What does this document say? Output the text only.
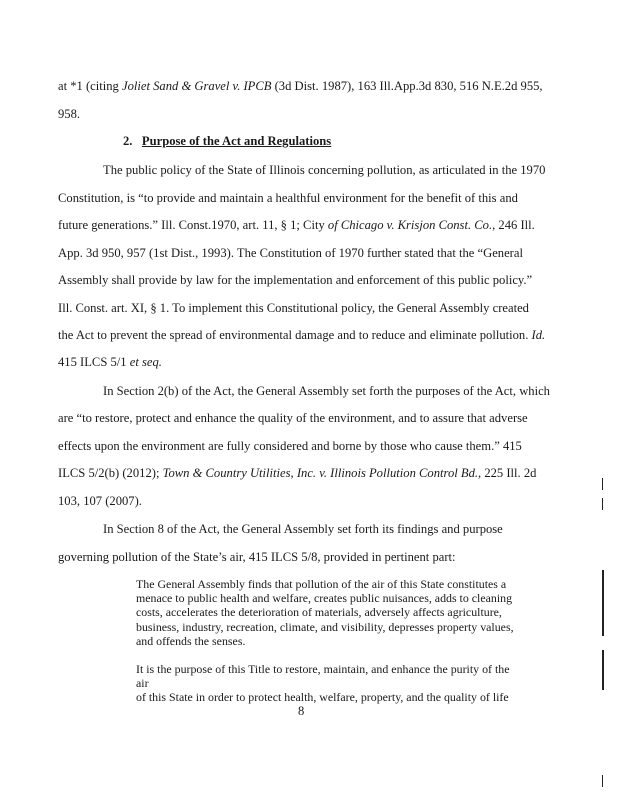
at *1 (citing Joliet Sand & Gravel v. IPCB (3d Dist. 1987), 163 Ill.App.3d 830, 516 N.E.2d 955,
958.
2. Purpose of the Act and Regulations
The public policy of the State of Illinois concerning pollution, as articulated in the 1970
Constitution, is “to provide and maintain a healthful environment for the benefit of this and
future generations.” Ill. Const.1970, art. 11, § 1; City of Chicago v. Krisjon Const. Co., 246 Ill.
App. 3d 950, 957 (1st Dist., 1993). The Constitution of 1970 further stated that the “General
Assembly shall provide by law for the implementation and enforcement of this public policy.”
Ill. Const. art. XI, § 1. To implement this Constitutional policy, the General Assembly created
the Act to prevent the spread of environmental damage and to reduce and eliminate pollution. Id.
415 ILCS 5/1 et seq.
In Section 2(b) of the Act, the General Assembly set forth the purposes of the Act, which
are “to restore, protect and enhance the quality of the environment, and to assure that adverse
effects upon the environment are fully considered and borne by those who cause them.” 415
ILCS 5/2(b) (2012); Town & Country Utilities, Inc. v. Illinois Pollution Control Bd., 225 Ill. 2d
103, 107 (2007).
In Section 8 of the Act, the General Assembly set forth its findings and purpose
governing pollution of the State’s air, 415 ILCS 5/8, provided in pertinent part:
The General Assembly finds that pollution of the air of this State constitutes a
menace to public health and welfare, creates public nuisances, adds to cleaning
costs, accelerates the deterioration of materials, adversely affects agriculture,
business, industry, recreation, climate, and visibility, depresses property values,
and offends the senses.
It is the purpose of this Title to restore, maintain, and enhance the purity of the air
of this State in order to protect health, welfare, property, and the quality of life
8
